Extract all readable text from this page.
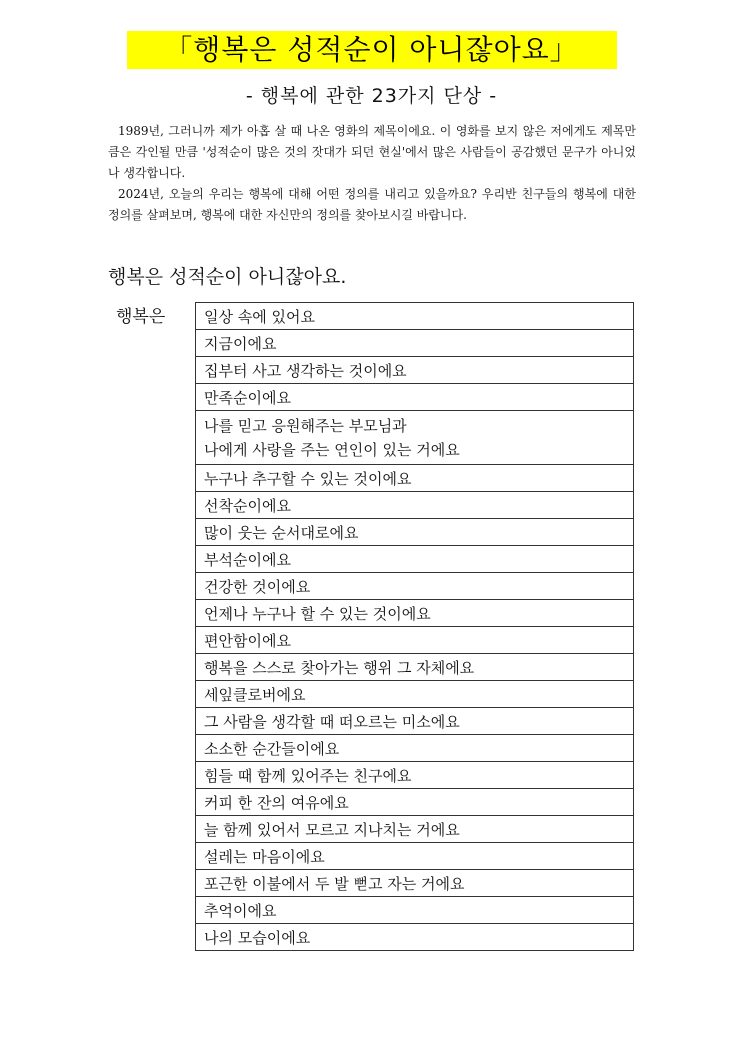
「행복은 성적순이 아니잖아요」
- 행복에 관한 23가지 단상 -

1989년, 그러니까 제가 아홉 살 때 나온 영화의 제목이에요. 이 영화를 보지 않은 저에게도 제목만큼은 각인될 만큼 '성적순이 많은 것의 잣대가 되던 현실'에서 많은 사람들이 공감했던 문구가 아니었나 생각합니다.

2024년, 오늘의 우리는 행복에 대해 어떤 정의를 내리고 있을까요? 우리반 친구들의 행복에 대한 정의를 살펴보며, 행복에 대한 자신만의 정의를 찾아보시길 바랍니다.

행복은 성적순이 아니잖아요.
행복은	일상 속에 있어요
지금이에요
집부터 사고 생각하는 것이에요
만족순이에요
나를 믿고 응원해주는 부모님과
나에게 사랑을 주는 연인이 있는 거에요
누구나 추구할 수 있는 것이에요
선착순이에요
많이 웃는 순서대로에요
부석순이에요
건강한 것이에요
언제나 누구나 할 수 있는 것이에요
편안함이에요
행복을 스스로 찾아가는 행위 그 자체에요
세잎클로버에요
그 사람을 생각할 때 떠오르는 미소에요
소소한 순간들이에요
힘들 때 함께 있어주는 친구에요
커피 한 잔의 여유에요
늘 함께 있어서 모르고 지나치는 거에요
설레는 마음이에요
포근한 이불에서 두 발 뻗고 자는 거에요
추억이에요
나의 모습이에요
